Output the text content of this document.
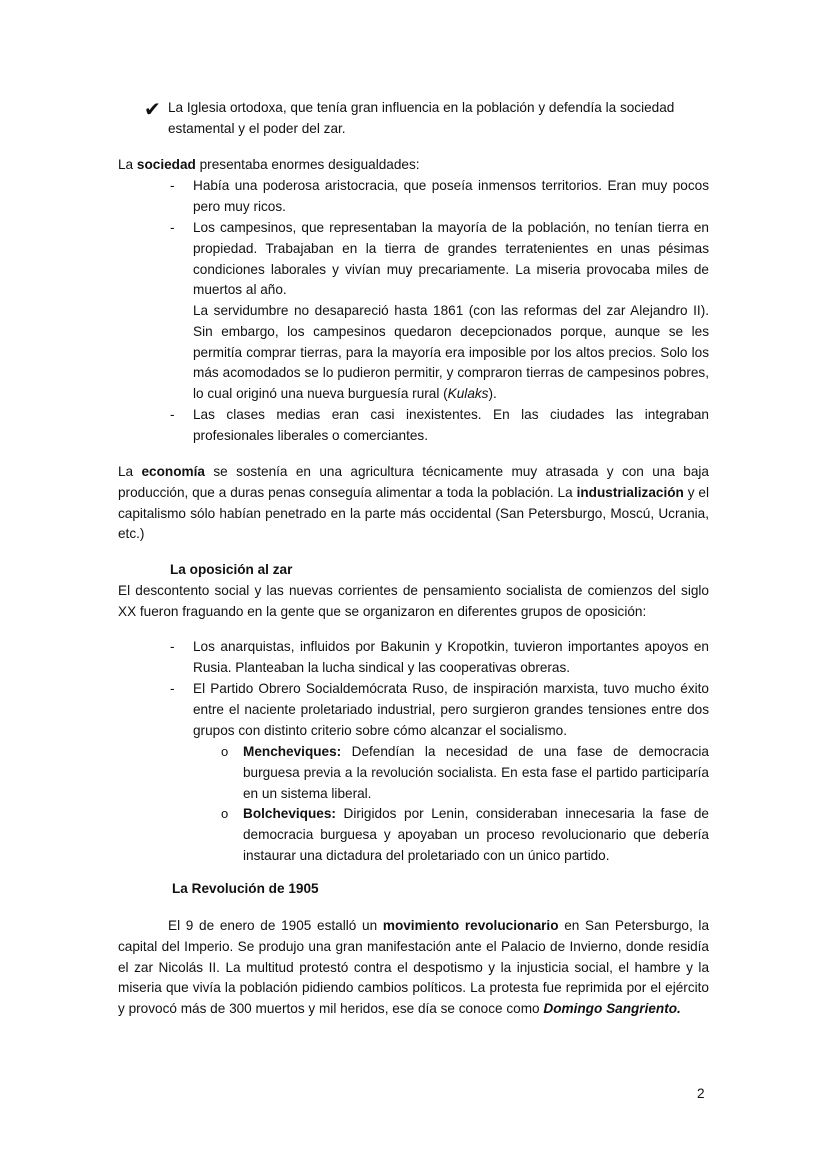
✔ La Iglesia ortodoxa, que tenía gran influencia en la población y defendía la sociedad
estamental y el poder del zar.
La sociedad presentaba enormes desigualdades:
-	Había una poderosa aristocracia, que poseía inmensos territorios. Eran muy pocos pero muy ricos.
-	Los campesinos, que representaban la mayoría de la población, no tenían tierra en propiedad. Trabajaban en la tierra de grandes terratenientes en unas pésimas condiciones laborales y vivían muy precariamente. La miseria provocaba miles de muertos al año.
La servidumbre no desapareció hasta 1861 (con las reformas del zar Alejandro II). Sin embargo, los campesinos quedaron decepcionados porque, aunque se les permitía comprar tierras, para la mayoría era imposible por los altos precios. Solo los más acomodados se lo pudieron permitir, y compraron tierras de campesinos pobres, lo cual originó una nueva burguesía rural (Kulaks).
-	Las clases medias eran casi inexistentes. En las ciudades las integraban profesionales liberales o comerciantes.
La economía se sostenía en una agricultura técnicamente muy atrasada y con una baja producción, que a duras penas conseguía alimentar a toda la población. La industrialización y el capitalismo sólo habían penetrado en la parte más occidental (San Petersburgo, Moscú, Ucrania, etc.)
La oposición al zar
El descontento social y las nuevas corrientes de pensamiento socialista de comienzos del siglo XX fueron fraguando en la gente que se organizaron en diferentes grupos de oposición:
-	Los anarquistas, influidos por Bakunin y Kropotkin, tuvieron importantes apoyos en Rusia. Planteaban la lucha sindical y las cooperativas obreras.
-	El Partido Obrero Socialdemócrata Ruso, de inspiración marxista, tuvo mucho éxito entre el naciente proletariado industrial, pero surgieron grandes tensiones entre dos grupos con distinto criterio sobre cómo alcanzar el socialismo.
o Mencheviques: Defendían la necesidad de una fase de democracia burguesa previa a la revolución socialista. En esta fase el partido participaría en un sistema liberal.
o Bolcheviques: Dirigidos por Lenin, consideraban innecesaria la fase de democracia burguesa y apoyaban un proceso revolucionario que debería instaurar una dictadura del proletariado con un único partido.
La Revolución de 1905
El 9 de enero de 1905 estalló un movimiento revolucionario en San Petersburgo, la capital del Imperio. Se produjo una gran manifestación ante el Palacio de Invierno, donde residía el zar Nicolás II. La multitud protestó contra el despotismo y la injusticia social, el hambre y la miseria que vivía la población pidiendo cambios políticos. La protesta fue reprimida por el ejército y provocó más de 300 muertos y mil heridos, ese día se conoce como Domingo Sangriento.
2
